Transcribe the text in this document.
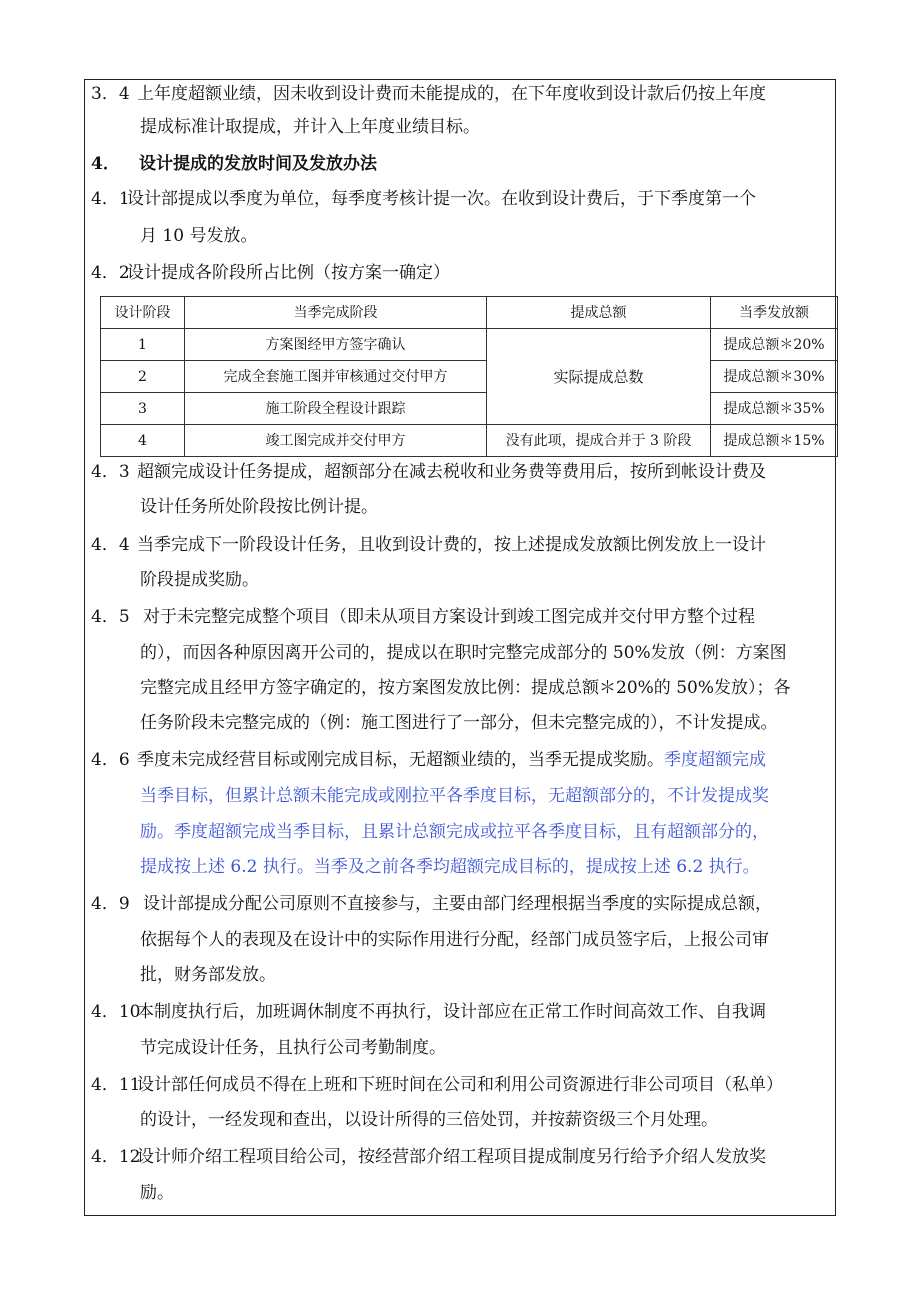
3．4 上年度超额业绩，因未收到设计费而未能提成的，在下年度收到设计款后仍按上年度
提成标准计取提成，并计入上年度业绩目标。
4． 设计提成的发放时间及发放办法
4．1设计部提成以季度为单位，每季度考核计提一次。在收到设计费后，于下季度第一个
月 10 号发放。
4．2设计提成各阶段所占比例（按方案一确定）
设计阶段	当季完成阶段	提成总额	当季发放额
1	方案图经甲方签字确认	实际提成总数	提成总额＊20%
2	完成全套施工图并审核通过交付甲方		提成总额＊30%
3	施工阶段全程设计跟踪		提成总额＊35%
4	竣工图完成并交付甲方	没有此项，提成合并于 3 阶段	提成总额＊15%
4．3 超额完成设计任务提成，超额部分在减去税收和业务费等费用后，按所到帐设计费及
设计任务所处阶段按比例计提。
4．4 当季完成下一阶段设计任务，且收到设计费的，按上述提成发放额比例发放上一设计
阶段提成奖励。
4．5 对于未完整完成整个项目（即未从项目方案设计到竣工图完成并交付甲方整个过程
的），而因各种原因离开公司的，提成以在职时完整完成部分的 50%发放（例：方案图
完整完成且经甲方签字确定的，按方案图发放比例：提成总额＊20%的 50%发放）；各
任务阶段未完整完成的（例：施工图进行了一部分，但未完整完成的），不计发提成。
4．6 季度未完成经营目标或刚完成目标，无超额业绩的，当季无提成奖励。季度超额完成
当季目标，但累计总额未能完成或刚拉平各季度目标，无超额部分的，不计发提成奖
励。季度超额完成当季目标，且累计总额完成或拉平各季度目标，且有超额部分的，
提成按上述 6.2 执行。当季及之前各季均超额完成目标的，提成按上述 6.2 执行。
4．9 设计部提成分配公司原则不直接参与，主要由部门经理根据当季度的实际提成总额，
依据每个人的表现及在设计中的实际作用进行分配，经部门成员签字后，上报公司审
批，财务部发放。
4．10本制度执行后，加班调休制度不再执行，设计部应在正常工作时间高效工作、自我调
节完成设计任务，且执行公司考勤制度。
4．11设计部任何成员不得在上班和下班时间在公司和利用公司资源进行非公司项目（私单）
的设计，一经发现和查出，以设计所得的三倍处罚，并按薪资级三个月处理。
4．12设计师介绍工程项目给公司，按经营部介绍工程项目提成制度另行给予介绍人发放奖
励。
